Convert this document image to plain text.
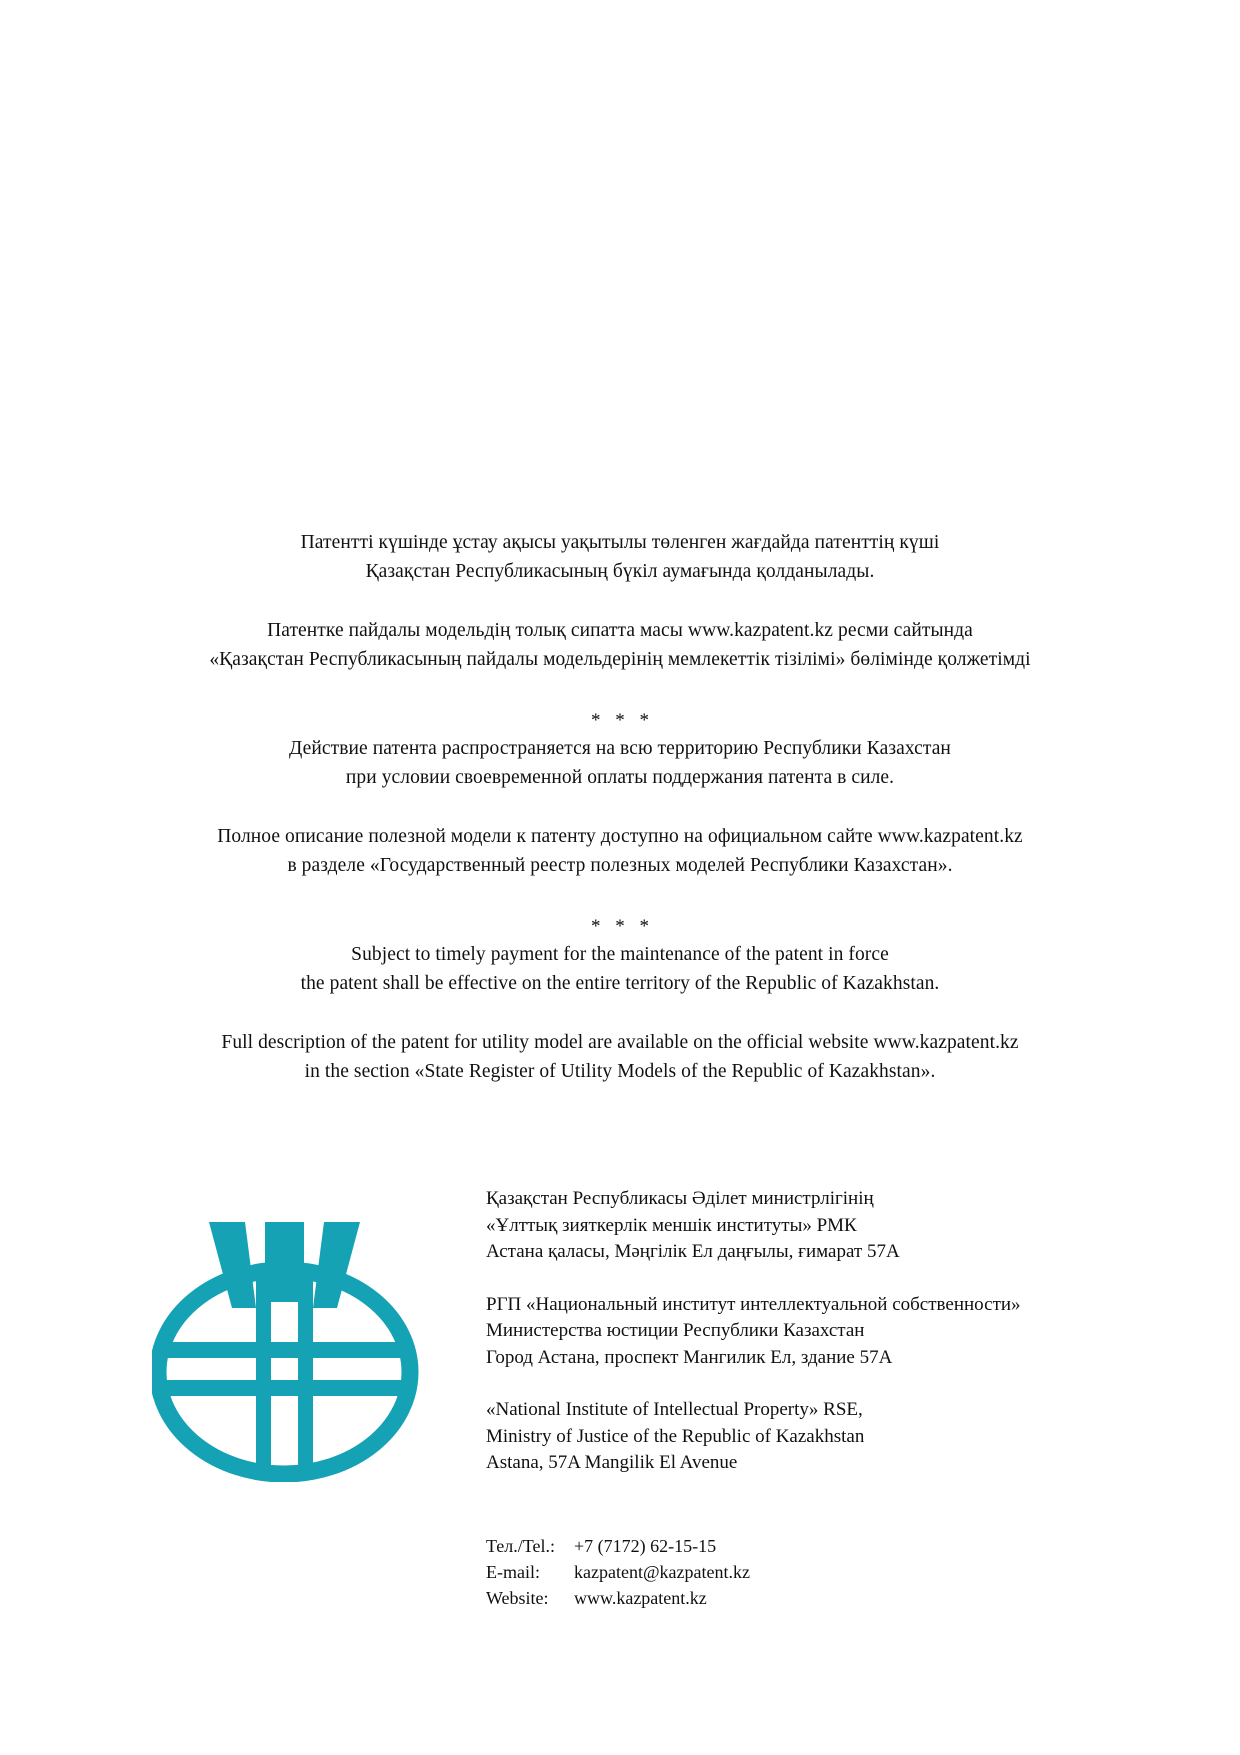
Патентті күшінде ұстау ақысы уақытылы төленген жағдайда патенттің күші
Қазақстан Республикасының бүкіл аумағында қолданылады.
Патентке пайдалы модельдің толық сипатта масы www.kazpatent.kz ресми сайтында
«Қазақстан Республикасының пайдалы модельдерінің мемлекеттік тізілімі» бөлімінде қолжетімді
* * *
Действие патента распространяется на всю территорию Республики Казахстан
при условии своевременной оплаты поддержания патента в силе.
Полное описание полезной модели к патенту доступно на официальном сайте www.kazpatent.kz
в разделе «Государственный реестр полезных моделей Республики Казахстан».
* * *
Subject to timely payment for the maintenance of the patent in force
the patent shall be effective on the entire territory of the Republic of Kazakhstan.
Full description of the patent for utility model are available on the official website www.kazpatent.kz
in the section «State Register of Utility Models of the Republic of Kazakhstan».
Қазақстан Республикасы Әділет министрлігінің
«Ұлттық зияткерлік меншік институты» РМК
Астана қаласы, Мәңгілік Ел даңғылы, ғимарат 57А
РГП «Национальный институт интеллектуальной собственности»
Министерства юстиции Республики Казахстан
Город Астана, проспект Мангилик Ел, здание 57А
«National Institute of Intellectual Property» RSE,
Ministry of Justice of the Republic of Kazakhstan
Astana, 57A Mangilik El Avenue
Тел./Tel.:	+7 (7172) 62-15-15
E-mail:	kazpatent@kazpatent.kz
Website:	www.kazpatent.kz
